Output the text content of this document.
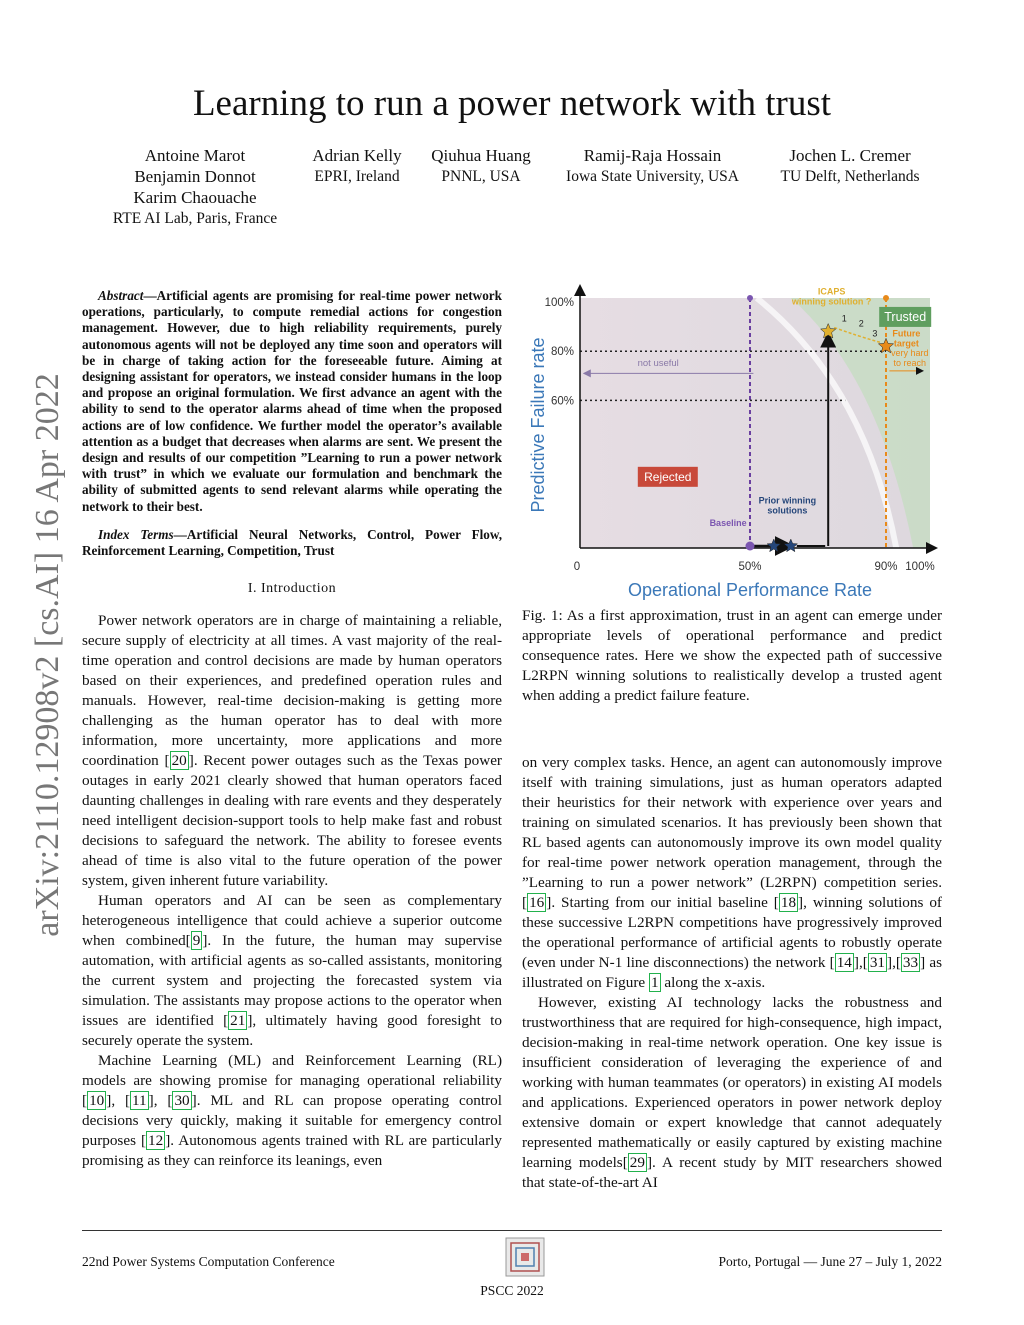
Learning to run a power network with trust
Antoine Marot
Benjamin Donnot
Karim Chaouache
RTE AI Lab, Paris, France
Adrian Kelly
EPRI, Ireland
Qiuhua Huang
PNNL, USA
Ramij-Raja Hossain
Iowa State University, USA
Jochen L. Cremer
TU Delft, Netherlands
arXiv:2110.12908v2 [cs.AI] 16 Apr 2022
Abstract—Artificial agents are promising for real-time power network operations, particularly, to compute remedial actions for congestion management. However, due to high reliability requirements, purely autonomous agents will not be deployed any time soon and operators will be in charge of taking action for the foreseeable future. Aiming at designing assistant for operators, we instead consider humans in the loop and propose an original formulation. We first advance an agent with the ability to send to the operator alarms ahead of time when the proposed actions are of low confidence. We further model the operator’s available attention as a budget that decreases when alarms are sent. We present the design and results of our competition ”Learning to run a power network with trust” in which we evaluate our formulation and benchmark the ability of submitted agents to send relevant alarms while operating the network to their best.
Index Terms—Artificial Neural Networks, Control, Power Flow, Reinforcement Learning, Competition, Trust
I. Introduction

Power network operators are in charge of maintaining a reliable, secure supply of electricity at all times. A vast majority of the real-time operation and control decisions are made by human operators based on their experiences, and predefined operation rules and manuals. However, real-time decision-making is getting more challenging as the human operator has to deal with more information, more uncertainty, more applications and more coordination [ 20 ]. Recent power outages such as the Texas power outages in early 2021 clearly showed that human operators faced daunting challenges in dealing with rare events and they desperately need intelligent decision-support tools to help make fast and robust decisions to safeguard the network. The ability to foresee events ahead of time is also vital to the future operation of the power system, given inherent future variability.

Human operators and AI can be seen as complementary heterogeneous intelligence that could achieve a superior outcome when combined[ 9 ]. In the future, the human may supervise automation, with artificial agents as so-called assistants, monitoring the current system and projecting the forecasted system via simulation. The assistants may propose actions to the operator when issues are identified [ 21 ], ultimately having good foresight to securely operate the system.

Machine Learning (ML) and Reinforcement Learning (RL) models are showing promise for managing operational reliability [ 10 ], [ 11 ], [ 30 ]. ML and RL can propose operating control decisions very quickly, making it suitable for emergency control purposes [ 12 ]. Autonomous agents trained with RL are particularly promising as they can reinforce its leanings, even

1 2
3
60%
80%
100%
0	50%	90% 100%
Operational Performance Rate
Predictive Failure rate	Rejected
Trusted
not useful
ICAPS
winning solution ?
Future
target
very hard
to reach
Prior winning
solutions
Baseline
Fig. 1: As a first approximation, trust in an agent can emerge under appropriate levels of operational performance and predict consequence rates. Here we show the expected path of successive L2RPN winning solutions to realistically develop a trusted agent when adding a predict failure feature.

on very complex tasks. Hence, an agent can autonomously improve itself with training simulations, just as human operators adapted their heuristics for their network with experience over years and training on simulated scenarios. It has previously been shown that RL based agents can autonomously improve its own model quality for real-time power network operation management, through the ”Learning to run a power network” (L2RPN) competition series. [ 16 ]. Starting from our initial baseline [ 18 ], winning solutions of these successive L2RPN competitions have progressively improved the operational performance of artificial agents to robustly operate (even under N-1 line disconnections) the network [ 14 ],[ 31 ],[ 33 ] as illustrated on Figure 1 along the x-axis.

However, existing AI technology lacks the robustness and trustworthiness that are required for high-consequence, high impact, decision-making in real-time network operation. One key issue is insufficient consideration of leveraging the experience of and working with human teammates (or operators) in existing AI models and applications. Experienced operators in power network deploy extensive domain or expert knowledge that cannot adequately represented mathematically or easily captured by existing machine learning models[ 29 ]. A recent study by MIT researchers showed that state-of-the-art AI

22nd Power Systems Computation Conference	Porto, Portugal — June 27 – July 1, 2022
PSCC 2022
